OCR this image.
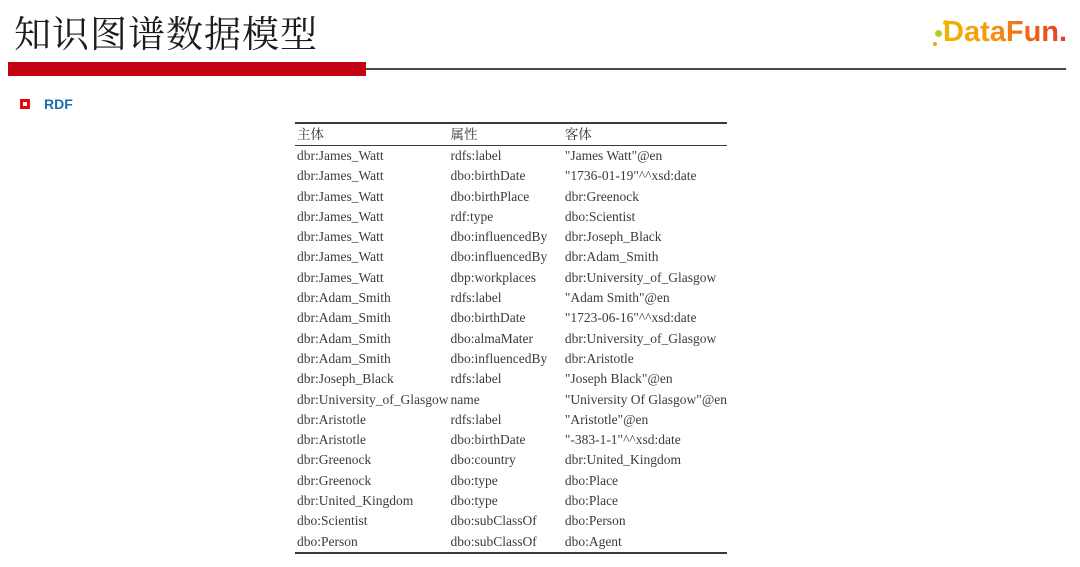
知识图谱数据模型	DataFun.
RDF
主体	属性	客体
dbr:James_Watt	rdfs:label	"James Watt"@en
dbr:James_Watt	dbo:birthDate	"1736-01-19"^^xsd:date
dbr:James_Watt	dbo:birthPlace	dbr:Greenock
dbr:James_Watt	rdf:type	dbo:Scientist
dbr:James_Watt	dbo:influencedBy	dbr:Joseph_Black
dbr:James_Watt	dbo:influencedBy	dbr:Adam_Smith
dbr:James_Watt	dbp:workplaces	dbr:University_of_Glasgow
dbr:Adam_Smith	rdfs:label	"Adam Smith"@en
dbr:Adam_Smith	dbo:birthDate	"1723-06-16"^^xsd:date
dbr:Adam_Smith	dbo:almaMater	dbr:University_of_Glasgow
dbr:Adam_Smith	dbo:influencedBy	dbr:Aristotle
dbr:Joseph_Black	rdfs:label	"Joseph Black"@en
dbr:University_of_Glasgow	name	"University Of Glasgow"@en
dbr:Aristotle	rdfs:label	"Aristotle"@en
dbr:Aristotle	dbo:birthDate	"-383-1-1"^^xsd:date
dbr:Greenock	dbo:country	dbr:United_Kingdom
dbr:Greenock	dbo:type	dbo:Place
dbr:United_Kingdom	dbo:type	dbo:Place
dbo:Scientist	dbo:subClassOf	dbo:Person
dbo:Person	dbo:subClassOf	dbo:Agent
